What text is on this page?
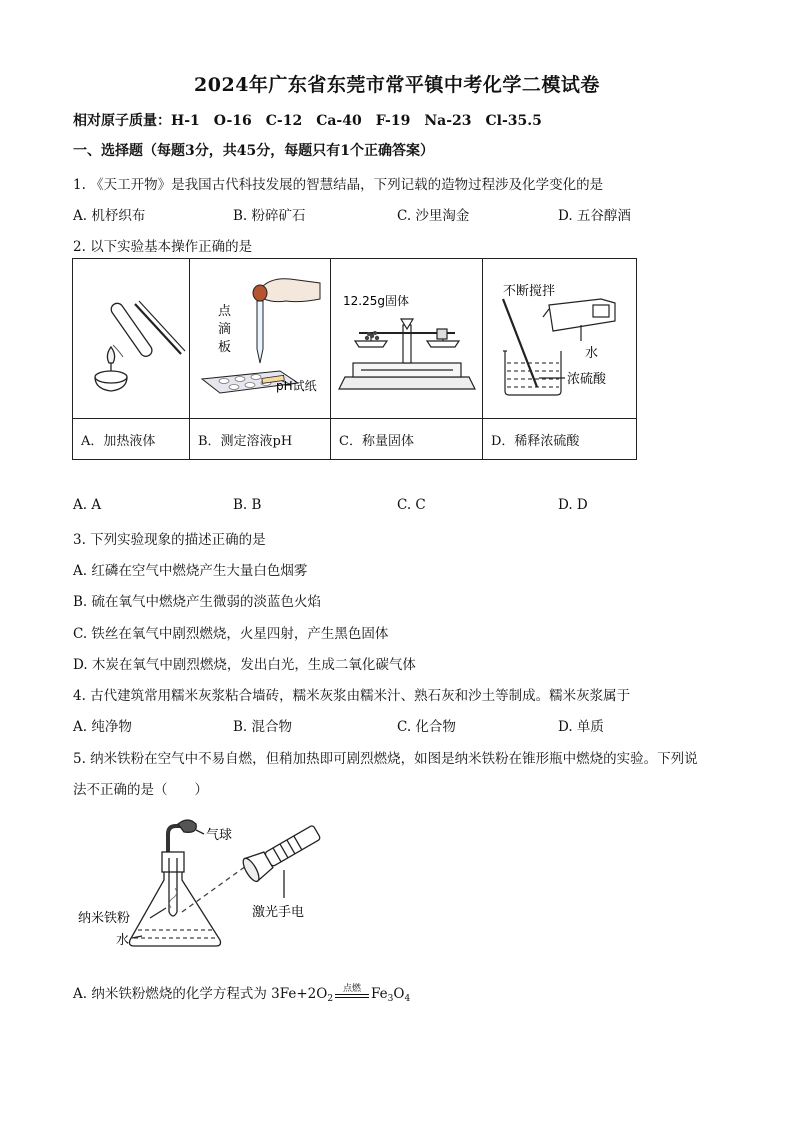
2024年广东省东莞市常平镇中考化学二模试卷
相对原子质量：H-1　O-16　C-12　Ca-40　F-19　Na-23　Cl-35.5
一、选择题（每题3分，共45分，每题只有1个正确答案）
1. 《天工开物》是我国古代科技发展的智慧结晶，下列记载的造物过程涉及化学变化的是
A. 机杼织布	B. 粉碎矿石	C. 沙里淘金	D. 五谷醇酒
2. 以下实验基本操作正确的是

点
滴
板
pH试纸	12.25g固体	不断搅拌
水
浓硫酸

A．加热液体	B．测定溶液pH	C．称量固体	D．稀释浓硫酸
A. A	B. B	C. C	D. D
3. 下列实验现象的描述正确的是
A. 红磷在空气中燃烧产生大量白色烟雾
B. 硫在氧气中燃烧产生微弱的淡蓝色火焰
C. 铁丝在氧气中剧烈燃烧，火星四射，产生黑色固体
D. 木炭在氧气中剧烈燃烧，发出白光，生成二氧化碳气体
4. 古代建筑常用糯米灰浆粘合墙砖，糯米灰浆由糯米汁、熟石灰和沙土等制成。糯米灰浆属于
A. 纯净物	B. 混合物	C. 化合物	D. 单质
5. 纳米铁粉在空气中不易自燃，但稍加热即可剧烈燃烧，如图是纳米铁粉在锥形瓶中燃烧的实验。下列说
法不正确的是（　　）
气球
纳米铁粉
水
激光手电
A. 纳米铁粉燃烧的化学方程式为 $3Fe+2O_2$
点燃 $Fe_3O_4$
